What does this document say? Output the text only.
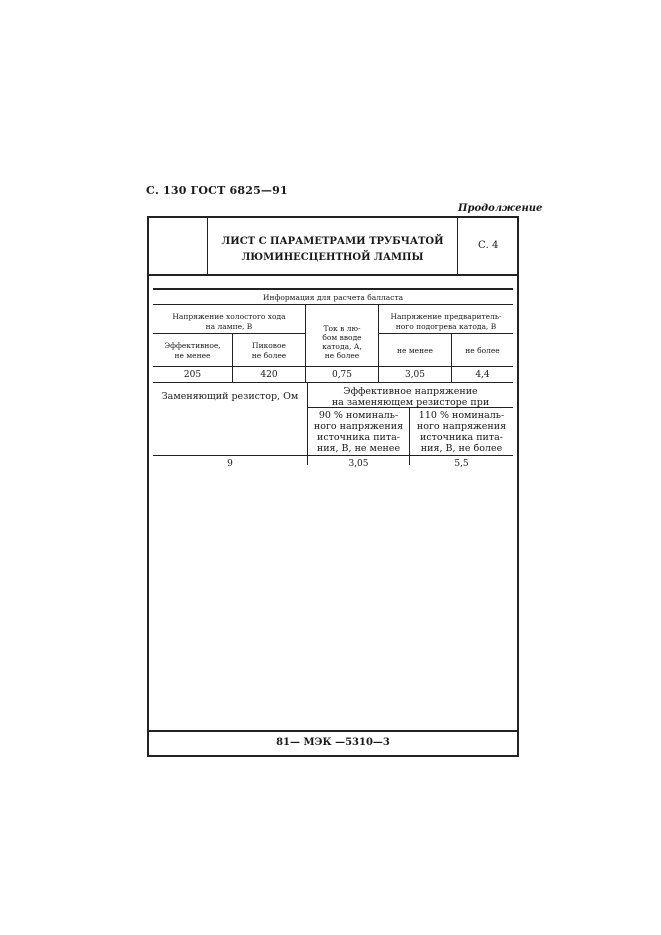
С. 130 ГОСТ 6825—91
Продолжение
ЛИСТ С ПАРАМЕТРАМИ ТРУБЧАТОЙ
ЛЮМИНЕСЦЕНТНОЙ ЛАМПЫ
С. 4
Информация для расчета балласта
Напряжение холостого хода
на лампе, В
Эффективное,
не менее
Пиковое
не более
Ток в лю-
бом вводе
катода, А,
не более
Напряжение предваритель-
ного подогрева катода, В
не менее	не более
205	420	0,75	3,05	4,4
Заменяющий резистор, Ом	Эффективное напряжение
на заменяющем резисторе при
90 % номиналь-
ного напряжения
источника пита-
ния, В, не менее
110 % номиналь-
ного напряжения
источника пита-
ния, В, не более
9	3,05	5,5
81— МЭК —5310—3
